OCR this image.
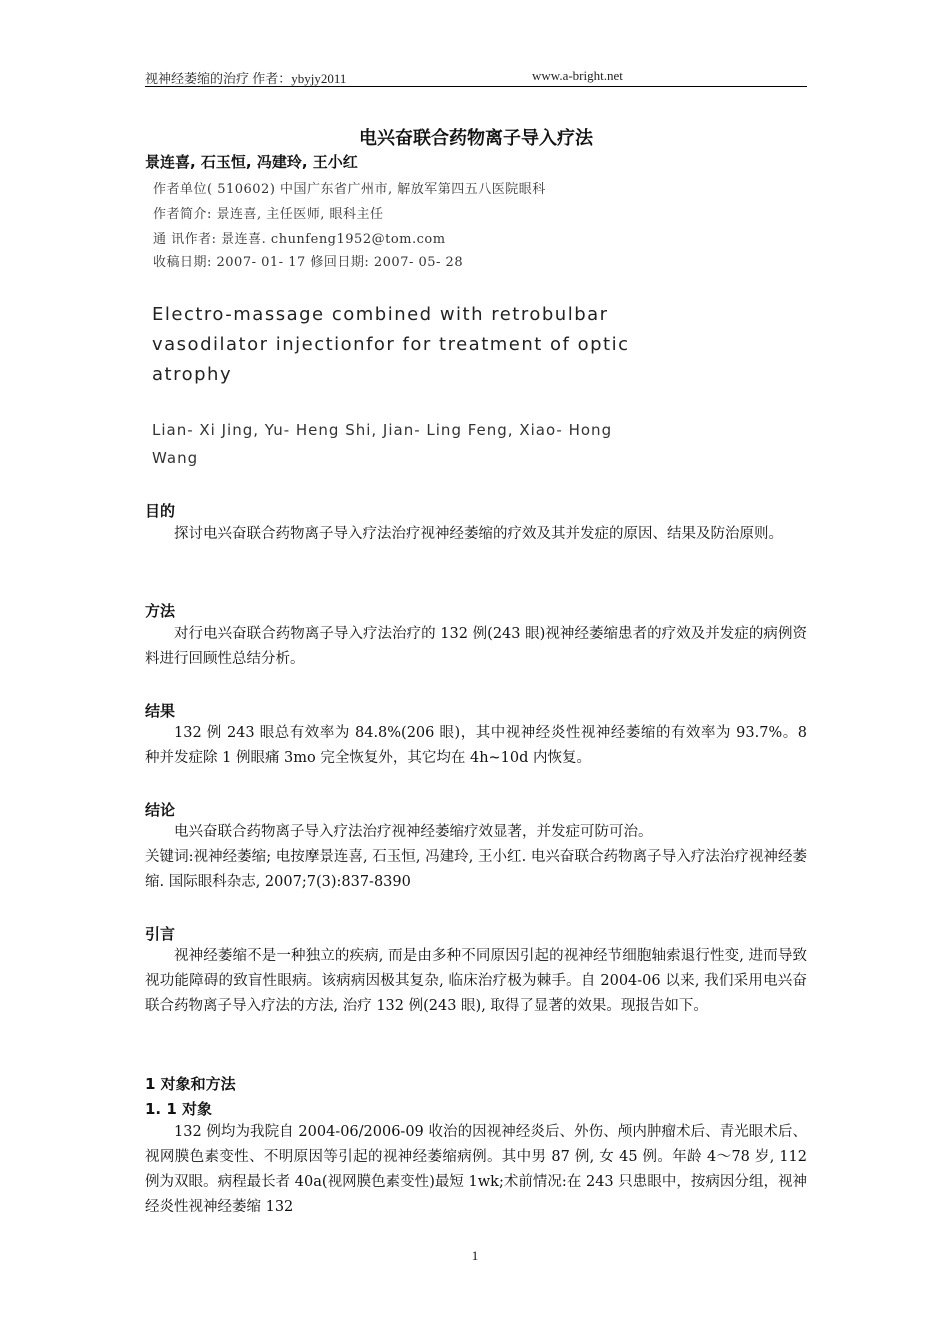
视神经萎缩的治疗 作者：ybyjy2011	www.a-bright.net
电兴奋联合药物离子导入疗法
景连喜, 石玉恒, 冯建玲, 王小红
作者单位( 510602) 中国广东省广州市, 解放军第四五八医院眼科
作者简介: 景连喜, 主任医师, 眼科主任
通 讯作者: 景连喜. chunfeng1952@tom.com
收稿日期: 2007- 01- 17 修回日期: 2007- 05- 28
Electro-massage combined with retrobulbar vasodilator injectionfor for treatment of optic atrophy
Lian- Xi Jing, Yu- Heng Shi, Jian- Ling Feng, Xiao- Hong Wang
目的
探讨电兴奋联合药物离子导入疗法治疗视神经萎缩的疗效及其并发症的原因、结果及防治原则。
方法
对行电兴奋联合药物离子导入疗法治疗的 132 例(243 眼)视神经萎缩患者的疗效及并发症的病例资料进行回顾性总结分析。
结果
132 例 243 眼总有效率为 84.8%(206 眼)，其中视神经炎性视神经萎缩的有效率为 93.7%。8 种并发症除 1 例眼痛 3mo 完全恢复外，其它均在 4h~10d 内恢复。
结论
电兴奋联合药物离子导入疗法治疗视神经萎缩疗效显著，并发症可防可治。
关键词:视神经萎缩; 电按摩景连喜, 石玉恒, 冯建玲, 王小红. 电兴奋联合药物离子导入疗法治疗视神经萎缩. 国际眼科杂志, 2007;7(3):837-8390
引言
视神经萎缩不是一种独立的疾病, 而是由多种不同原因引起的视神经节细胞轴索退行性变, 进而导致视功能障碍的致盲性眼病。该病病因极其复杂, 临床治疗极为棘手。自 2004-06 以来, 我们采用电兴奋联合药物离子导入疗法的方法, 治疗 132 例(243 眼), 取得了显著的效果。现报告如下。
1 对象和方法
1. 1 对象
132 例均为我院自 2004-06/2006-09 收治的因视神经炎后、外伤、颅内肿瘤术后、青光眼术后、视网膜色素变性、不明原因等引起的视神经萎缩病例。其中男 87 例, 女 45 例。年龄 4～78 岁, 112 例为双眼。病程最长者 40a(视网膜色素变性)最短 1wk;术前情况:在 243 只患眼中，按病因分组，视神经炎性视神经萎缩 132
1
